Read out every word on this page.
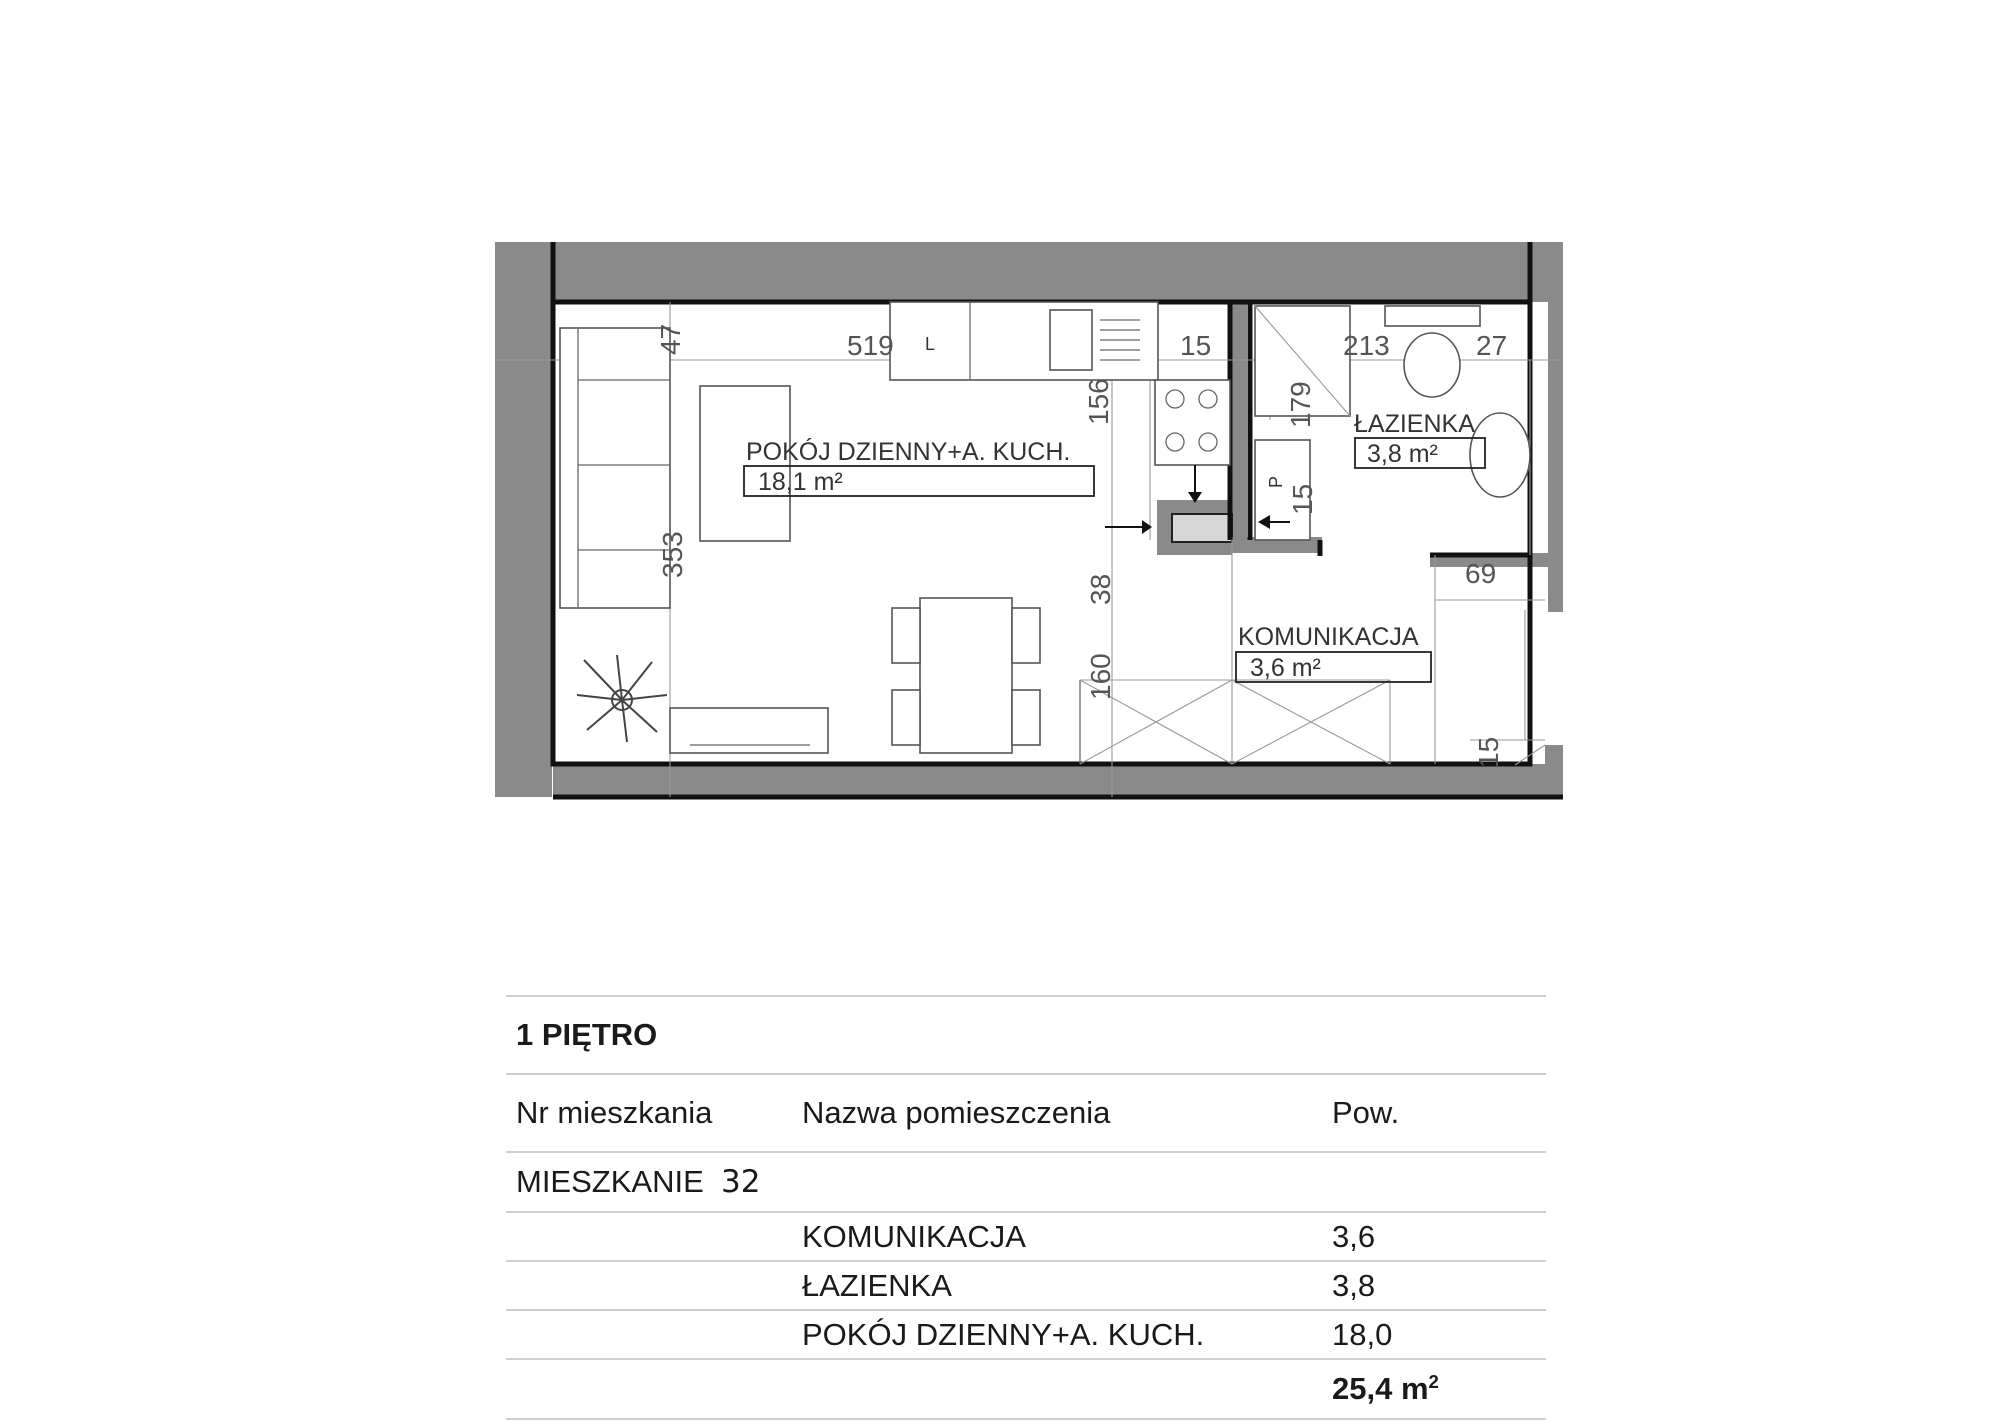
POKÓJ DZIENNY+A. KUCH.
18,1 m²
ŁAZIENKA
3,8 m²
KOMUNIKACJA
3,6 m²
L
P
47	519	15	213	27
156	179
353
38
160
15
69
15
1 PIĘTRO
Nr mieszkania	Nazwa pomieszczenia	Pow.
MIESZKANIE 32
KOMUNIKACJA	3,6
ŁAZIENKA	3,8
POKÓJ DZIENNY+A. KUCH.	18,0
25,4 $m^2$
